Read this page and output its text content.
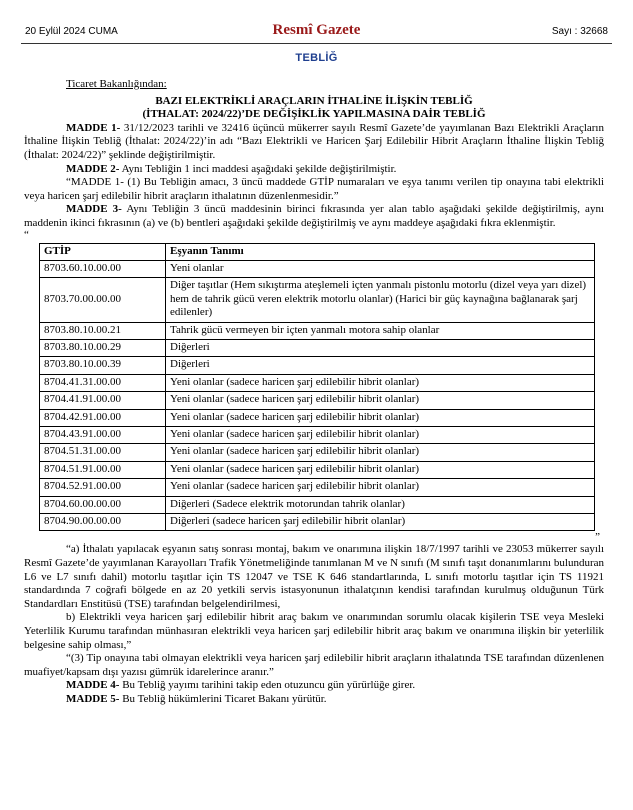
20 Eylül 2024 CUMA	Resmî Gazete	Sayı : 32668
TEBLİĞ
Ticaret Bakanlığından:
BAZI ELEKTRİKLİ ARAÇLARIN İTHALİNE İLİŞKİN TEBLİĞ
(İTHALAT: 2024/22)’DE DEĞİŞİKLİK YAPILMASINA DAİR TEBLİĞ

MADDE 1- 31/12/2023 tarihli ve 32416 üçüncü mükerrer sayılı Resmî Gazete’de yayımlanan Bazı Elektrikli Araçların İthaline İlişkin Tebliğ (İthalat: 2024/22)’in adı “Bazı Elektrikli ve Haricen Şarj Edilebilir Hibrit Araçların İthaline İlişkin Tebliğ (İthalat: 2024/22)” şeklinde değiştirilmiştir.

MADDE 2- Aynı Tebliğin 1 inci maddesi aşağıdaki şekilde değiştirilmiştir.

“MADDE 1- (1) Bu Tebliğin amacı, 3 üncü maddede GTİP numaraları ve eşya tanımı verilen tip onayına tabi elektrikli veya haricen şarj edilebilir hibrit araçların ithalatının düzenlenmesidir.”

MADDE 3- Aynı Tebliğin 3 üncü maddesinin birinci fıkrasında yer alan tablo aşağıdaki şekilde değiştirilmiş, aynı maddenin ikinci fıkrasının (a) ve (b) bentleri aşağıdaki şekilde değiştirilmiş ve aynı maddeye aşağıdaki fıkra eklenmiştir.

“

GTİP	Eşyanın Tanımı
8703.60.10.00.00	Yeni olanlar
8703.70.00.00.00	Diğer taşıtlar (Hem sıkıştırma ateşlemeli içten yanmalı pistonlu motorlu (dizel veya yarı dizel) hem de tahrik gücü veren elektrik motorlu olanlar) (Harici bir güç kaynağına bağlanarak şarj edilenler)
8703.80.10.00.21	Tahrik gücü vermeyen bir içten yanmalı motora sahip olanlar
8703.80.10.00.29	Diğerleri
8703.80.10.00.39	Diğerleri
8704.41.31.00.00	Yeni olanlar (sadece haricen şarj edilebilir hibrit olanlar)
8704.41.91.00.00	Yeni olanlar (sadece haricen şarj edilebilir hibrit olanlar)
8704.42.91.00.00	Yeni olanlar (sadece haricen şarj edilebilir hibrit olanlar)
8704.43.91.00.00	Yeni olanlar (sadece haricen şarj edilebilir hibrit olanlar)
8704.51.31.00.00	Yeni olanlar (sadece haricen şarj edilebilir hibrit olanlar)
8704.51.91.00.00	Yeni olanlar (sadece haricen şarj edilebilir hibrit olanlar)
8704.52.91.00.00	Yeni olanlar (sadece haricen şarj edilebilir hibrit olanlar)
8704.60.00.00.00	Diğerleri (Sadece elektrik motorundan tahrik olanlar)
8704.90.00.00.00	Diğerleri (sadece haricen şarj edilebilir hibrit olanlar)

”

“a) İthalatı yapılacak eşyanın satış sonrası montaj, bakım ve onarımına ilişkin 18/7/1997 tarihli ve 23053 mükerrer sayılı Resmî Gazete’de yayımlanan Karayolları Trafik Yönetmeliğinde tanımlanan M ve N sınıfı (M sınıfı taşıt donanımlarını bulunduran L6 ve L7 sınıfı dahil) motorlu taşıtlar için TS 12047 ve TSE K 646 standartlarında, L sınıfı motorlu taşıtlar için TS 11921 standardında 7 coğrafi bölgede en az 20 yetkili servis istasyonunun ithalatçının kendisi tarafından kurulmuş olduğunun Türk Standardları Enstitüsü (TSE) tarafından belgelendirilmesi,

b) Elektrikli veya haricen şarj edilebilir hibrit araç bakım ve onarımından sorumlu olacak kişilerin TSE veya Mesleki Yeterlilik Kurumu tarafından münhasıran elektrikli veya haricen şarj edilebilir hibrit araç bakım ve onarımına ilişkin bir yeterlilik belgesine sahip olması,”

“(3) Tip onayına tabi olmayan elektrikli veya haricen şarj edilebilir hibrit araçların ithalatında TSE tarafından düzenlenen muafiyet/kapsam dışı yazısı gümrük idarelerince aranır.”

MADDE 4- Bu Tebliğ yayımı tarihini takip eden otuzuncu gün yürürlüğe girer.

MADDE 5- Bu Tebliğ hükümlerini Ticaret Bakanı yürütür.
